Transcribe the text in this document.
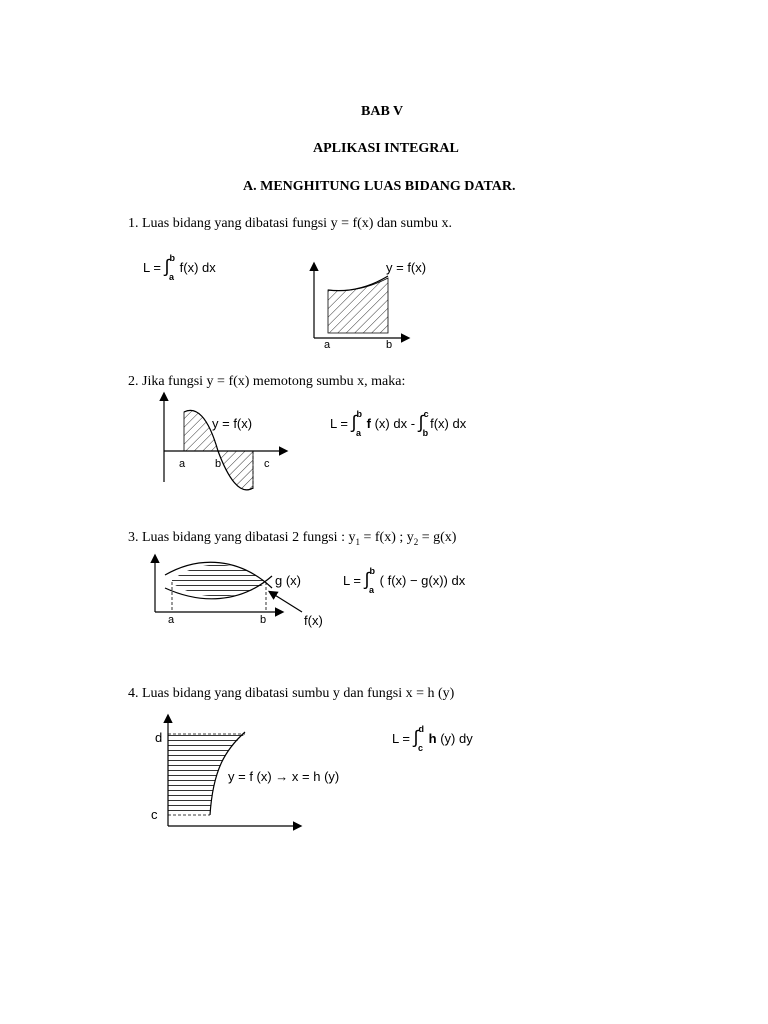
BAB V
APLIKASI INTEGRAL
A. MENGHITUNG LUAS BIDANG DATAR.
1. Luas bidang yang dibatasi fungsi y = f(x) dan sumbu x.
L = ∫$^b_a$ f(x) dx	y = f(x)
a	b
2. Jika fungsi y = f(x) memotong sumbu x, maka:
y = f(x)
a	b	c
L = ∫$^b_a$ f (x) dx - ∫$^c_b$f(x) dx
3. Luas bidang yang dibatasi 2 fungsi : $y_1 = f(x)$ ; $y_2 = g(x)$
g (x)
f(x)
a	b
L = ∫$^b_a$ ( f(x) − g(x)) dx
4. Luas bidang yang dibatasi sumbu y dan fungsi x = h (y)
d
c
y = f (x) → x = h (y)
L = ∫$^d_c$ h (y) dy
